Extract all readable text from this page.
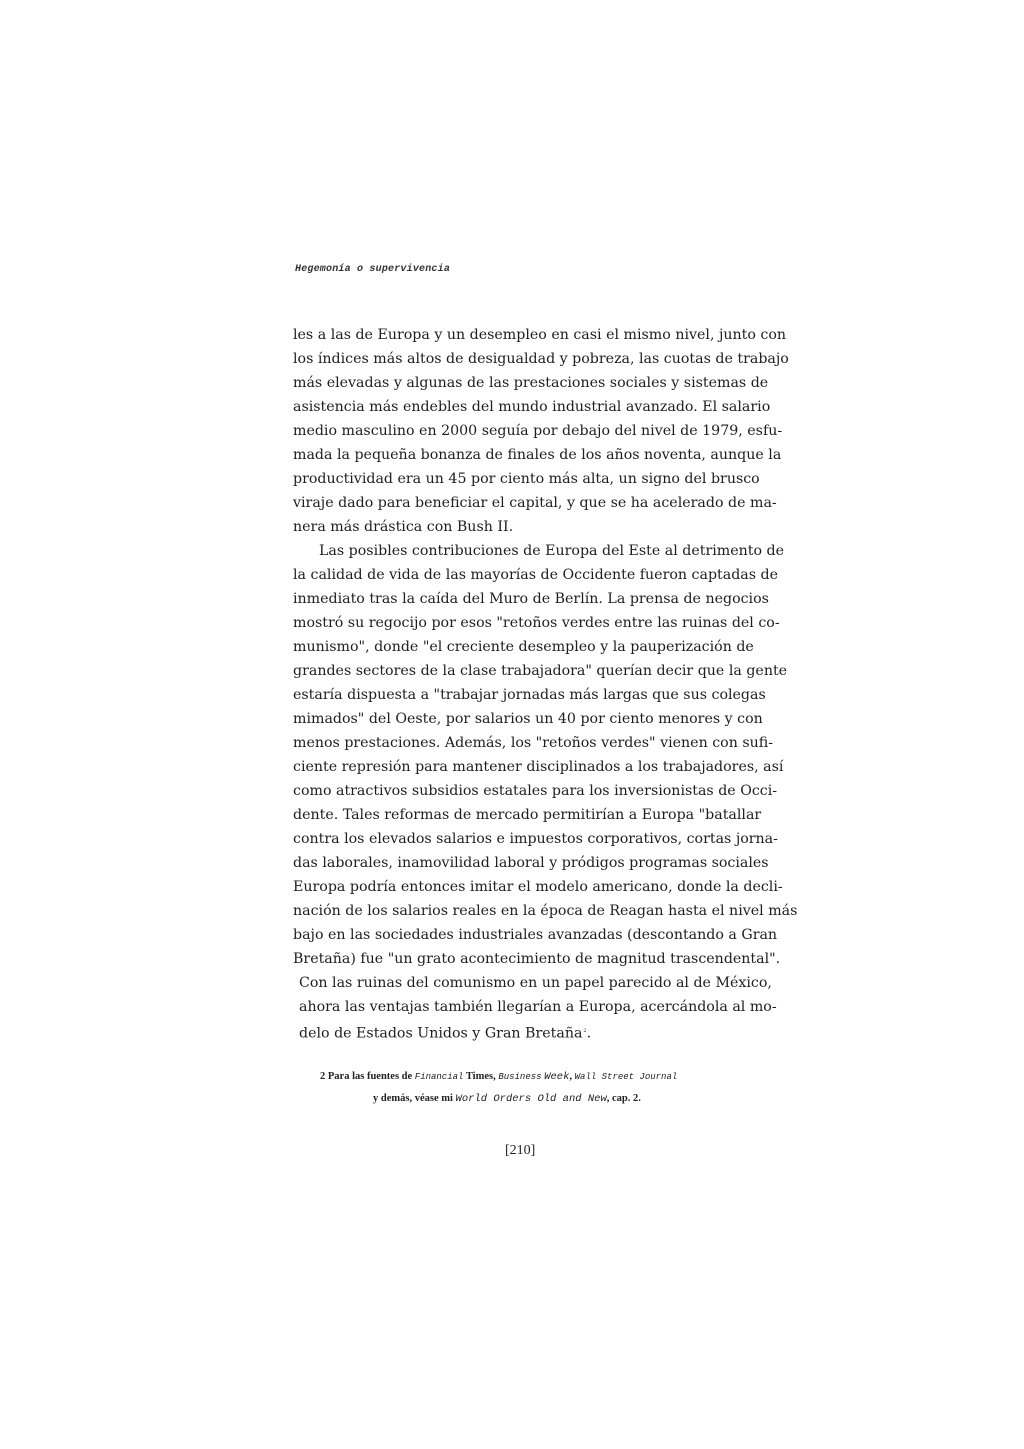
Hegemonía o supervivencia
les a las de Europa y un desempleo en casi el mismo nivel, junto con
los índices más altos de desigualdad y pobreza, las cuotas de trabajo
más elevadas y algunas de las prestaciones sociales y sistemas de
asistencia más endebles del mundo industrial avanzado. El salario
medio masculino en 2000 seguía por debajo del nivel de 1979, esfu-
mada la pequeña bonanza de finales de los años noventa, aunque la
productividad era un 45 por ciento más alta, un signo del brusco
viraje dado para beneficiar el capital, y que se ha acelerado de ma-
nera más drástica con Bush II.
Las posibles contribuciones de Europa del Este al detrimento de
la calidad de vida de las mayorías de Occidente fueron captadas de
inmediato tras la caída del Muro de Berlín. La prensa de negocios
mostró su regocijo por esos "retoños verdes entre las ruinas del co-
munismo", donde "el creciente desempleo y la pauperización de
grandes sectores de la clase trabajadora" querían decir que la gente
estaría dispuesta a "trabajar jornadas más largas que sus colegas
mimados" del Oeste, por salarios un 40 por ciento menores y con
menos prestaciones. Además, los "retoños verdes" vienen con sufi-
ciente represión para mantener disciplinados a los trabajadores, así
como atractivos subsidios estatales para los inversionistas de Occi-
dente. Tales reformas de mercado permitirían a Europa "batallar
contra los elevados salarios e impuestos corporativos, cortas jorna-
das laborales, inamovilidad laboral y pródigos programas sociales
Europa podría entonces imitar el modelo americano, donde la decli-
nación de los salarios reales en la época de Reagan hasta el nivel más
bajo en las sociedades industriales avanzadas (descontando a Gran
Bretaña) fue "un grato acontecimiento de magnitud trascendental".
Con las ruinas del comunismo en un papel parecido al de México,
ahora las ventajas también llegarían a Europa, acercándola al mo-
delo de Estados Unidos y Gran Bretaña$^2$.
2 Para las fuentes de Financial Times, Business Week, Wall Street Journal
y demás, véase mi World Orders Old and New, cap. 2.
[210]
